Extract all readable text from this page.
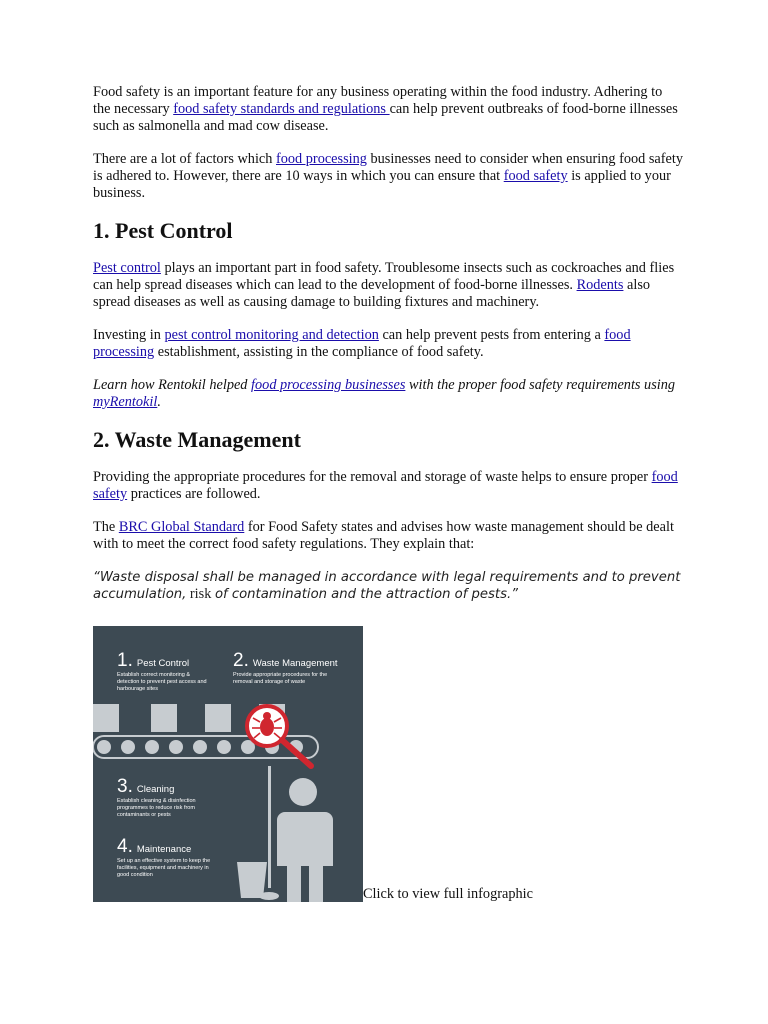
Food safety is an important feature for any business operating within the food industry. Adhering to the necessary food safety standards and regulations can help prevent outbreaks of food-borne illnesses such as salmonella and mad cow disease.

There are a lot of factors which food processing businesses need to consider when ensuring food safety is adhered to. However, there are 10 ways in which you can ensure that food safety is applied to your business.

1. Pest Control

Pest control plays an important part in food safety. Troublesome insects such as cockroaches and flies can help spread diseases which can lead to the development of food-borne illnesses. Rodents also spread diseases as well as causing damage to building fixtures and machinery.

Investing in pest control monitoring and detection can help prevent pests from entering a food processing establishment, assisting in the compliance of food safety.

Learn how Rentokil helped food processing businesses with the proper food safety requirements using myRentokil.

2. Waste Management

Providing the appropriate procedures for the removal and storage of waste helps to ensure proper food safety practices are followed.

The BRC Global Standard for Food Safety states and advises how waste management should be dealt with to meet the correct food safety regulations. They explain that:

“Waste disposal shall be managed in accordance with legal requirements and to prevent accumulation, risk of contamination and the attraction of pests.”

1. Pest Control
Establish correct monitoring & detection to prevent pest access and harbourage sites
2. Waste Management
Provide appropriate procedures for the removal and storage of waste
3. Cleaning
Establish cleaning & disinfection programmes to reduce risk from contaminants or pests
4. Maintenance
Set up an effective system to keep the facilities, equipment and machinery in good condition
Click to view full infographic
